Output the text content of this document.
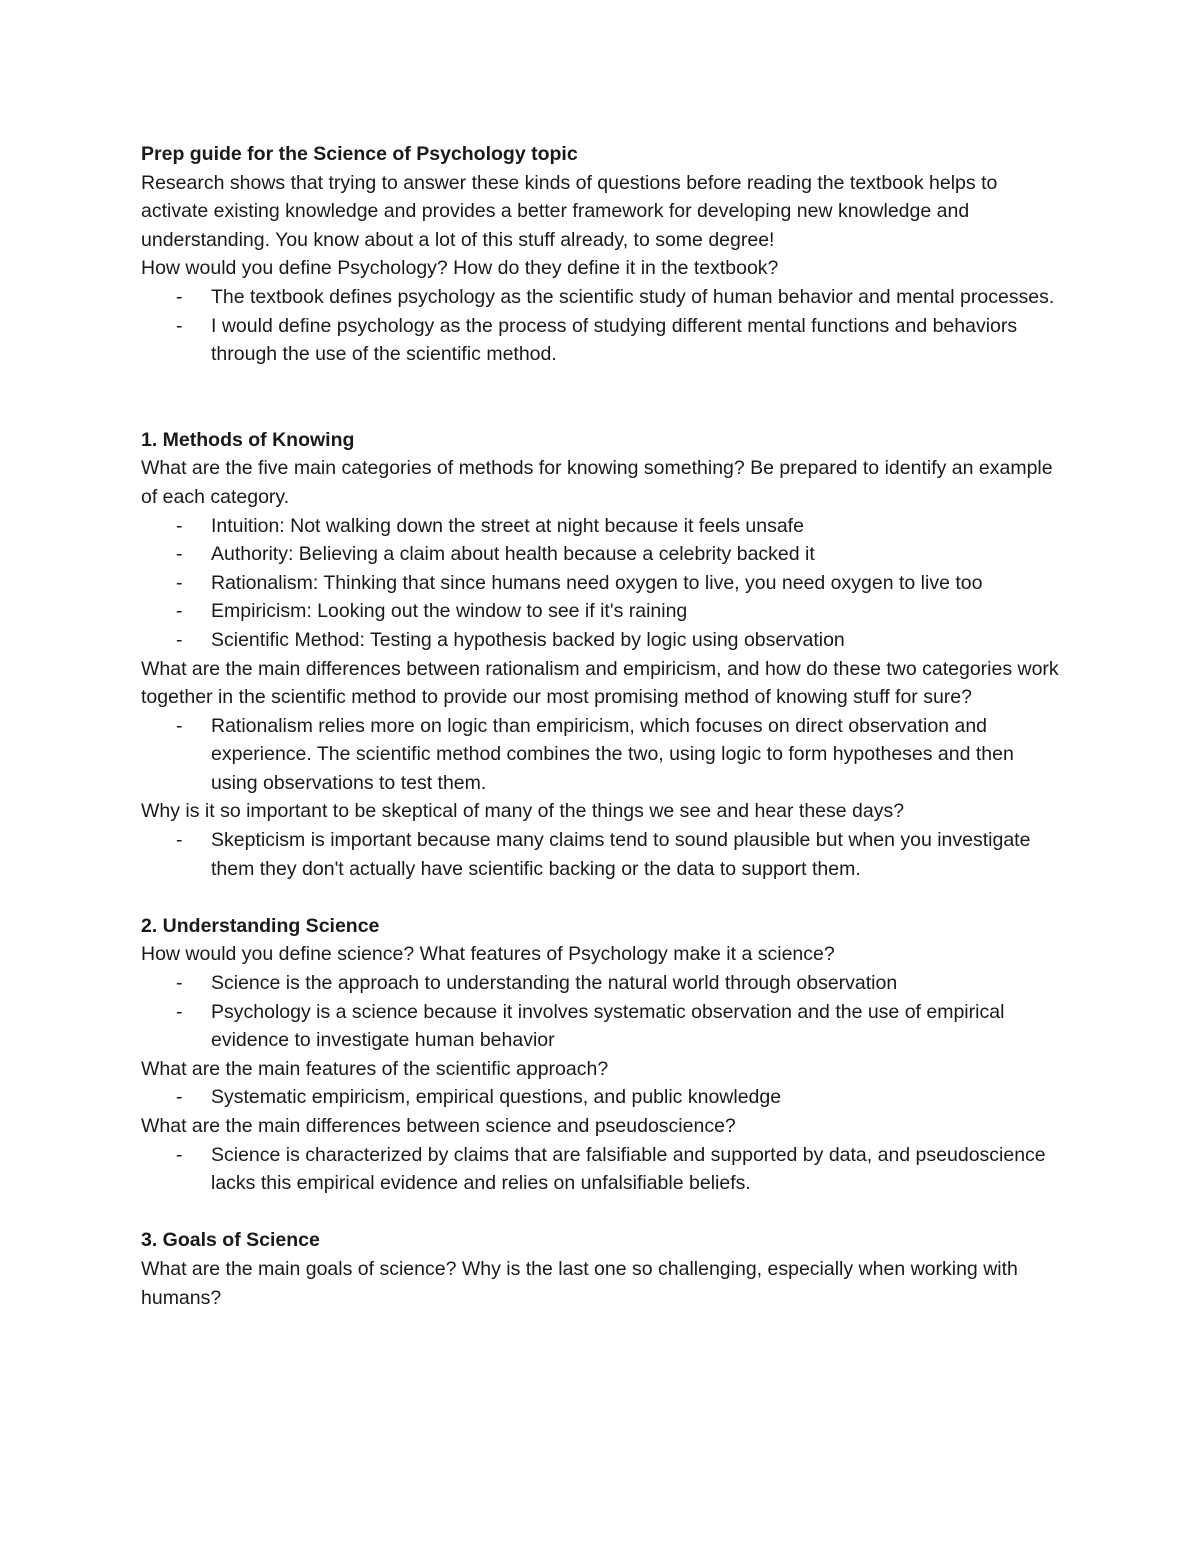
Prep guide for the Science of Psychology topic

Research shows that trying to answer these kinds of questions before reading the textbook helps to activate existing knowledge and provides a better framework for developing new knowledge and understanding. You know about a lot of this stuff already, to some degree!

How would you define Psychology? How do they define it in the textbook?

- The textbook defines psychology as the scientific study of human behavior and mental processes.
- I would define psychology as the process of studying different mental functions and behaviors through the use of the scientific method.

1. Methods of Knowing

What are the five main categories of methods for knowing something? Be prepared to identify an example of each category.

- Intuition: Not walking down the street at night because it feels unsafe
- Authority: Believing a claim about health because a celebrity backed it
- Rationalism: Thinking that since humans need oxygen to live, you need oxygen to live too
- Empiricism: Looking out the window to see if it's raining
- Scientific Method: Testing a hypothesis backed by logic using observation

What are the main differences between rationalism and empiricism, and how do these two categories work together in the scientific method to provide our most promising method of knowing stuff for sure?

- Rationalism relies more on logic than empiricism, which focuses on direct observation and experience. The scientific method combines the two, using logic to form hypotheses and then using observations to test them.

Why is it so important to be skeptical of many of the things we see and hear these days?

- Skepticism is important because many claims tend to sound plausible but when you investigate them they don't actually have scientific backing or the data to support them.

2. Understanding Science

How would you define science? What features of Psychology make it a science?

- Science is the approach to understanding the natural world through observation
- Psychology is a science because it involves systematic observation and the use of empirical evidence to investigate human behavior

What are the main features of the scientific approach?

- Systematic empiricism, empirical questions, and public knowledge

What are the main differences between science and pseudoscience?

- Science is characterized by claims that are falsifiable and supported by data, and pseudoscience lacks this empirical evidence and relies on unfalsifiable beliefs.

3. Goals of Science

What are the main goals of science? Why is the last one so challenging, especially when working with humans?
